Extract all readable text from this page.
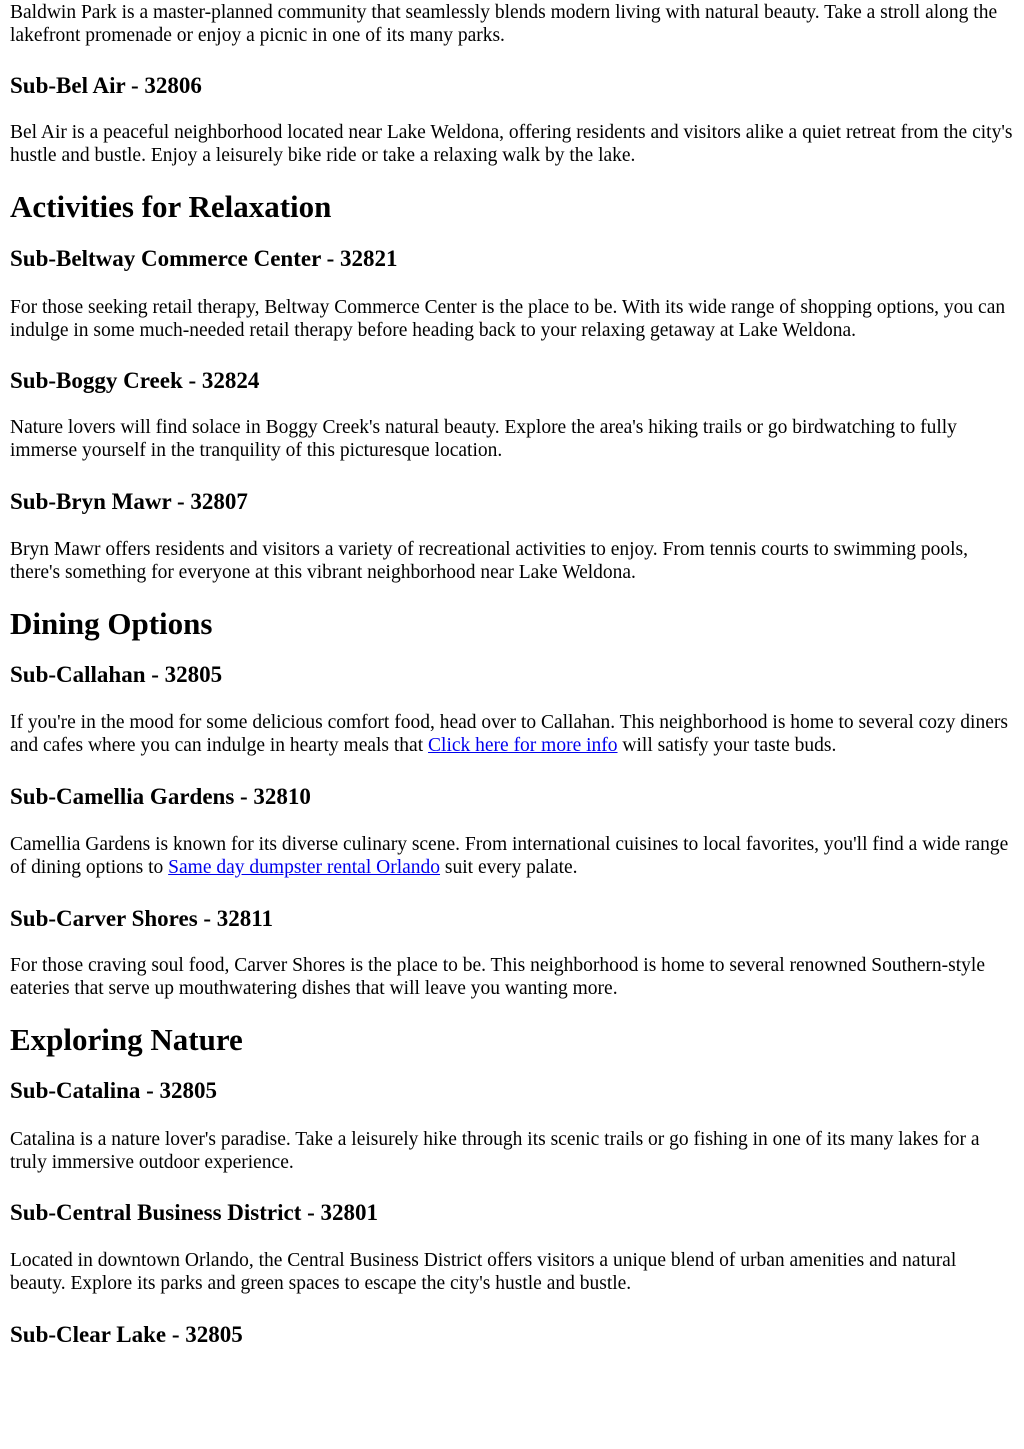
Baldwin Park is a master-planned community that seamlessly blends modern living with natural beauty. Take a stroll along the lakefront promenade or enjoy a picnic in one of its many parks.

Sub-Bel Air - 32806

Bel Air is a peaceful neighborhood located near Lake Weldona, offering residents and visitors alike a quiet retreat from the city's hustle and bustle. Enjoy a leisurely bike ride or take a relaxing walk by the lake.

Activities for Relaxation
Sub-Beltway Commerce Center - 32821

For those seeking retail therapy, Beltway Commerce Center is the place to be. With its wide range of shopping options, you can indulge in some much-needed retail therapy before heading back to your relaxing getaway at Lake Weldona.

Sub-Boggy Creek - 32824

Nature lovers will find solace in Boggy Creek's natural beauty. Explore the area's hiking trails or go birdwatching to fully immerse yourself in the tranquility of this picturesque location.

Sub-Bryn Mawr - 32807

Bryn Mawr offers residents and visitors a variety of recreational activities to enjoy. From tennis courts to swimming pools, there's something for everyone at this vibrant neighborhood near Lake Weldona.

Dining Options
Sub-Callahan - 32805

If you're in the mood for some delicious comfort food, head over to Callahan. This neighborhood is home to several cozy diners and cafes where you can indulge in hearty meals that Click here for more info will satisfy your taste buds.

Sub-Camellia Gardens - 32810

Camellia Gardens is known for its diverse culinary scene. From international cuisines to local favorites, you'll find a wide range of dining options to Same day dumpster rental Orlando suit every palate.

Sub-Carver Shores - 32811

For those craving soul food, Carver Shores is the place to be. This neighborhood is home to several renowned Southern-style eateries that serve up mouthwatering dishes that will leave you wanting more.

Exploring Nature
Sub-Catalina - 32805

Catalina is a nature lover's paradise. Take a leisurely hike through its scenic trails or go fishing in one of its many lakes for a truly immersive outdoor experience.

Sub-Central Business District - 32801

Located in downtown Orlando, the Central Business District offers visitors a unique blend of urban amenities and natural beauty. Explore its parks and green spaces to escape the city's hustle and bustle.

Sub-Clear Lake - 32805
